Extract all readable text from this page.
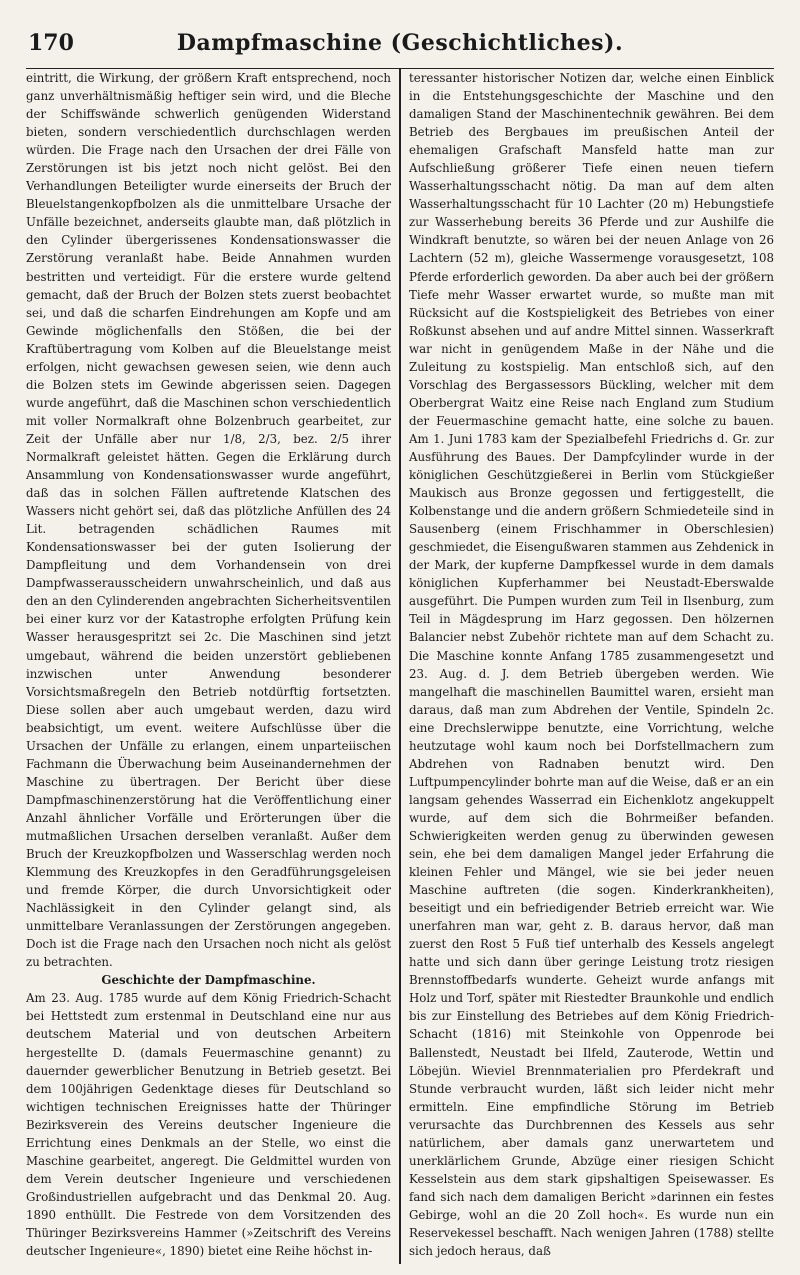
170	Dampfmaschine (Geschichtliches).

eintritt, die Wirkung, der größern Kraft entsprechend, noch ganz unverhältnismäßig heftiger sein wird, und die Bleche der Schiffswände schwerlich genügenden Widerstand bieten, sondern verschiedentlich durchschlagen werden würden. Die Frage nach den Ursachen der drei Fälle von Zerstörungen ist bis jetzt noch nicht gelöst. Bei den Verhandlungen Beteiligter wurde einerseits der Bruch der Bleuelstangenkopfbolzen als die unmittelbare Ursache der Unfälle bezeichnet, anderseits glaubte man, daß plötzlich in den Cylinder übergerissenes Kondensationswasser die Zerstörung veranlaßt habe. Beide Annahmen wurden bestritten und verteidigt. Für die erstere wurde geltend gemacht, daß der Bruch der Bolzen stets zuerst beobachtet sei, und daß die scharfen Eindrehungen am Kopfe und am Gewinde möglichenfalls den Stößen, die bei der Kraftübertragung vom Kolben auf die Bleuelstange meist erfolgen, nicht gewachsen gewesen seien, wie denn auch die Bolzen stets im Gewinde abgerissen seien. Dagegen wurde angeführt, daß die Maschinen schon verschiedentlich mit voller Normalkraft ohne Bolzenbruch gearbeitet, zur Zeit der Unfälle aber nur 1/8, 2/3, bez. 2/5 ihrer Normalkraft geleistet hätten. Gegen die Erklärung durch Ansammlung von Kondensationswasser wurde angeführt, daß das in solchen Fällen auftretende Klatschen des Wassers nicht gehört sei, daß das plötzliche Anfüllen des 24 Lit. betragenden schädlichen Raumes mit Kondensationswasser bei der guten Isolierung der Dampfleitung und dem Vorhandensein von drei Dampfwasserausscheidern unwahrscheinlich, und daß aus den an den Cylinderenden angebrachten Sicherheitsventilen bei einer kurz vor der Katastrophe erfolgten Prüfung kein Wasser herausgespritzt sei 2c. Die Maschinen sind jetzt umgebaut, während die beiden unzerstört gebliebenen inzwischen unter Anwendung besonderer Vorsichtsmaßregeln den Betrieb notdürftig fortsetzten. Diese sollen aber auch umgebaut werden, dazu wird beabsichtigt, um event. weitere Aufschlüsse über die Ursachen der Unfälle zu erlangen, einem unparteiischen Fachmann die Überwachung beim Auseinandernehmen der Maschine zu übertragen. Der Bericht über diese Dampfmaschinenzerstörung hat die Veröffentlichung einer Anzahl ähnlicher Vorfälle und Erörterungen über die mutmaßlichen Ursachen derselben veranlaßt. Außer dem Bruch der Kreuzkopfbolzen und Wasserschlag werden noch Klemmung des Kreuzkopfes in den Geradführungsgeleisen und fremde Körper, die durch Unvorsichtigkeit oder Nachlässigkeit in den Cylinder gelangt sind, als unmittelbare Veranlassungen der Zerstörungen angegeben. Doch ist die Frage nach den Ursachen noch nicht als gelöst zu betrachten.

Geschichte der Dampfmaschine.

Am 23. Aug. 1785 wurde auf dem König Friedrich-Schacht bei Hettstedt zum erstenmal in Deutschland eine nur aus deutschem Material und von deutschen Arbeitern hergestellte D. (damals Feuermaschine genannt) zu dauernder gewerblicher Benutzung in Betrieb gesetzt. Bei dem 100jährigen Gedenktage dieses für Deutschland so wichtigen technischen Ereignisses hatte der Thüringer Bezirksverein des Vereins deutscher Ingenieure die Errichtung eines Denkmals an der Stelle, wo einst die Maschine gearbeitet, angeregt. Die Geldmittel wurden von dem Verein deutscher Ingenieure und verschiedenen Großindustriellen aufgebracht und das Denkmal 20. Aug. 1890 enthüllt. Die Festrede von dem Vorsitzenden des Thüringer Bezirksvereins Hammer (»Zeitschrift des Vereins deutscher Ingenieure«, 1890) bietet eine Reihe höchst in-

teressanter historischer Notizen dar, welche einen Einblick in die Entstehungsgeschichte der Maschine und den damaligen Stand der Maschinentechnik gewähren. Bei dem Betrieb des Bergbaues im preußischen Anteil der ehemaligen Grafschaft Mansfeld hatte man zur Aufschließung größerer Tiefe einen neuen tiefern Wasserhaltungsschacht nötig. Da man auf dem alten Wasserhaltungsschacht für 10 Lachter (20 m) Hebungstiefe zur Wasserhebung bereits 36 Pferde und zur Aushilfe die Windkraft benutzte, so wären bei der neuen Anlage von 26 Lachtern (52 m), gleiche Wassermenge vorausgesetzt, 108 Pferde erforderlich geworden. Da aber auch bei der größern Tiefe mehr Wasser erwartet wurde, so mußte man mit Rücksicht auf die Kostspieligkeit des Betriebes von einer Roßkunst absehen und auf andre Mittel sinnen. Wasserkraft war nicht in genügendem Maße in der Nähe und die Zuleitung zu kostspielig. Man entschloß sich, auf den Vorschlag des Bergassessors Bückling, welcher mit dem Oberbergrat Waitz eine Reise nach England zum Studium der Feuermaschine gemacht hatte, eine solche zu bauen. Am 1. Juni 1783 kam der Spezialbefehl Friedrichs d. Gr. zur Ausführung des Baues. Der Dampfcylinder wurde in der königlichen Geschützgießerei in Berlin vom Stückgießer Maukisch aus Bronze gegossen und fertiggestellt, die Kolbenstange und die andern größern Schmiedeteile sind in Sausenberg (einem Frischhammer in Oberschlesien) geschmiedet, die Eisengußwaren stammen aus Zehdenick in der Mark, der kupferne Dampfkessel wurde in dem damals königlichen Kupferhammer bei Neustadt-Eberswalde ausgeführt. Die Pumpen wurden zum Teil in Ilsenburg, zum Teil in Mägdesprung im Harz gegossen. Den hölzernen Balancier nebst Zubehör richtete man auf dem Schacht zu. Die Maschine konnte Anfang 1785 zusammengesetzt und 23. Aug. d. J. dem Betrieb übergeben werden. Wie mangelhaft die maschinellen Baumittel waren, ersieht man daraus, daß man zum Abdrehen der Ventile, Spindeln 2c. eine Drechslerwippe benutzte, eine Vorrichtung, welche heutzutage wohl kaum noch bei Dorfstellmachern zum Abdrehen von Radnaben benutzt wird. Den Luftpumpencylinder bohrte man auf die Weise, daß er an ein langsam gehendes Wasserrad ein Eichenklotz angekuppelt wurde, auf dem sich die Bohrmeißer befanden. Schwierigkeiten werden genug zu überwinden gewesen sein, ehe bei dem damaligen Mangel jeder Erfahrung die kleinen Fehler und Mängel, wie sie bei jeder neuen Maschine auftreten (die sogen. Kinderkrankheiten), beseitigt und ein befriedigender Betrieb erreicht war. Wie unerfahren man war, geht z. B. daraus hervor, daß man zuerst den Rost 5 Fuß tief unterhalb des Kessels angelegt hatte und sich dann über geringe Leistung trotz riesigen Brennstoffbedarfs wunderte. Geheizt wurde anfangs mit Holz und Torf, später mit Riestedter Braunkohle und endlich bis zur Einstellung des Betriebes auf dem König Friedrich-Schacht (1816) mit Steinkohle von Oppenrode bei Ballenstedt, Neustadt bei Ilfeld, Zauterode, Wettin und Löbejün. Wieviel Brennmaterialien pro Pferdekraft und Stunde verbraucht wurden, läßt sich leider nicht mehr ermitteln. Eine empfindliche Störung im Betrieb verursachte das Durchbrennen des Kessels aus sehr natürlichem, aber damals ganz unerwartetem und unerklärlichem Grunde, Abzüge einer riesigen Schicht Kesselstein aus dem stark gipshaltigen Speisewasser. Es fand sich nach dem damaligen Bericht »darinnen ein festes Gebirge, wohl an die 20 Zoll hoch«. Es wurde nun ein Reservekessel beschafft. Nach wenigen Jahren (1788) stellte sich jedoch heraus, daß
